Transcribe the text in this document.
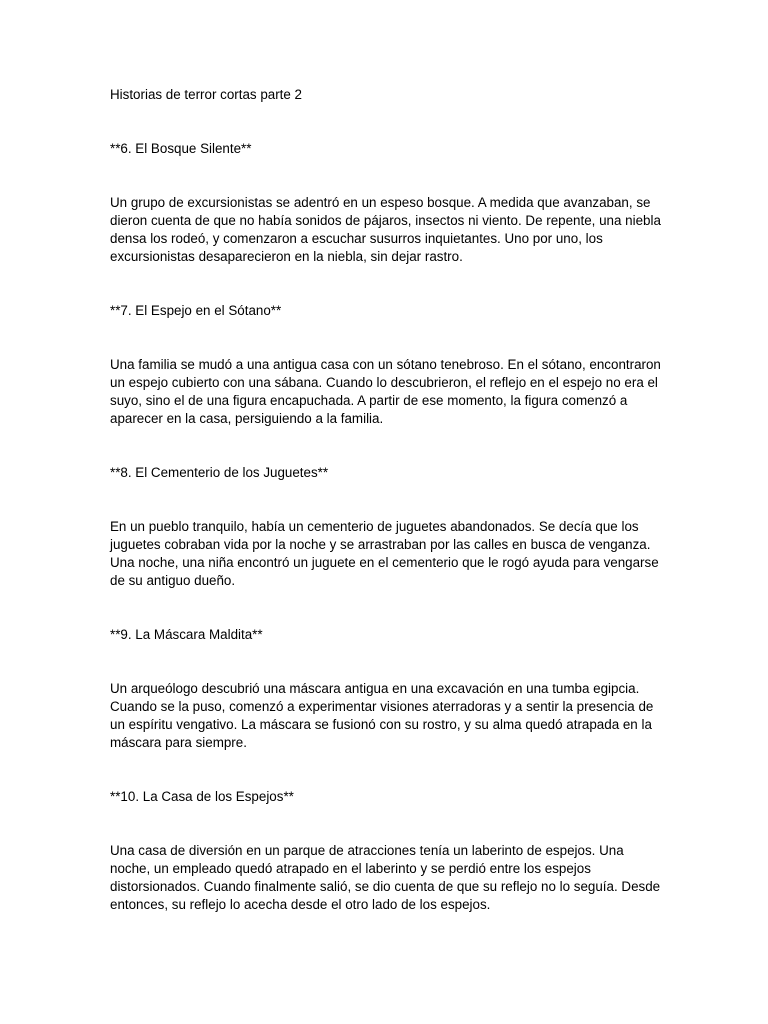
Historias de terror cortas parte 2

**6. El Bosque Silente**

Un grupo de excursionistas se adentró en un espeso bosque. A medida que avanzaban, se dieron cuenta de que no había sonidos de pájaros, insectos ni viento. De repente, una niebla densa los rodeó, y comenzaron a escuchar susurros inquietantes. Uno por uno, los excursionistas desaparecieron en la niebla, sin dejar rastro.

**7. El Espejo en el Sótano**

Una familia se mudó a una antigua casa con un sótano tenebroso. En el sótano, encontraron un espejo cubierto con una sábana. Cuando lo descubrieron, el reflejo en el espejo no era el suyo, sino el de una figura encapuchada. A partir de ese momento, la figura comenzó a aparecer en la casa, persiguiendo a la familia.

**8. El Cementerio de los Juguetes**

En un pueblo tranquilo, había un cementerio de juguetes abandonados. Se decía que los juguetes cobraban vida por la noche y se arrastraban por las calles en busca de venganza. Una noche, una niña encontró un juguete en el cementerio que le rogó ayuda para vengarse de su antiguo dueño.

**9. La Máscara Maldita**

Un arqueólogo descubrió una máscara antigua en una excavación en una tumba egipcia. Cuando se la puso, comenzó a experimentar visiones aterradoras y a sentir la presencia de un espíritu vengativo. La máscara se fusionó con su rostro, y su alma quedó atrapada en la máscara para siempre.

**10. La Casa de los Espejos**

Una casa de diversión en un parque de atracciones tenía un laberinto de espejos. Una noche, un empleado quedó atrapado en el laberinto y se perdió entre los espejos distorsionados. Cuando finalmente salió, se dio cuenta de que su reflejo no lo seguía. Desde entonces, su reflejo lo acecha desde el otro lado de los espejos.
